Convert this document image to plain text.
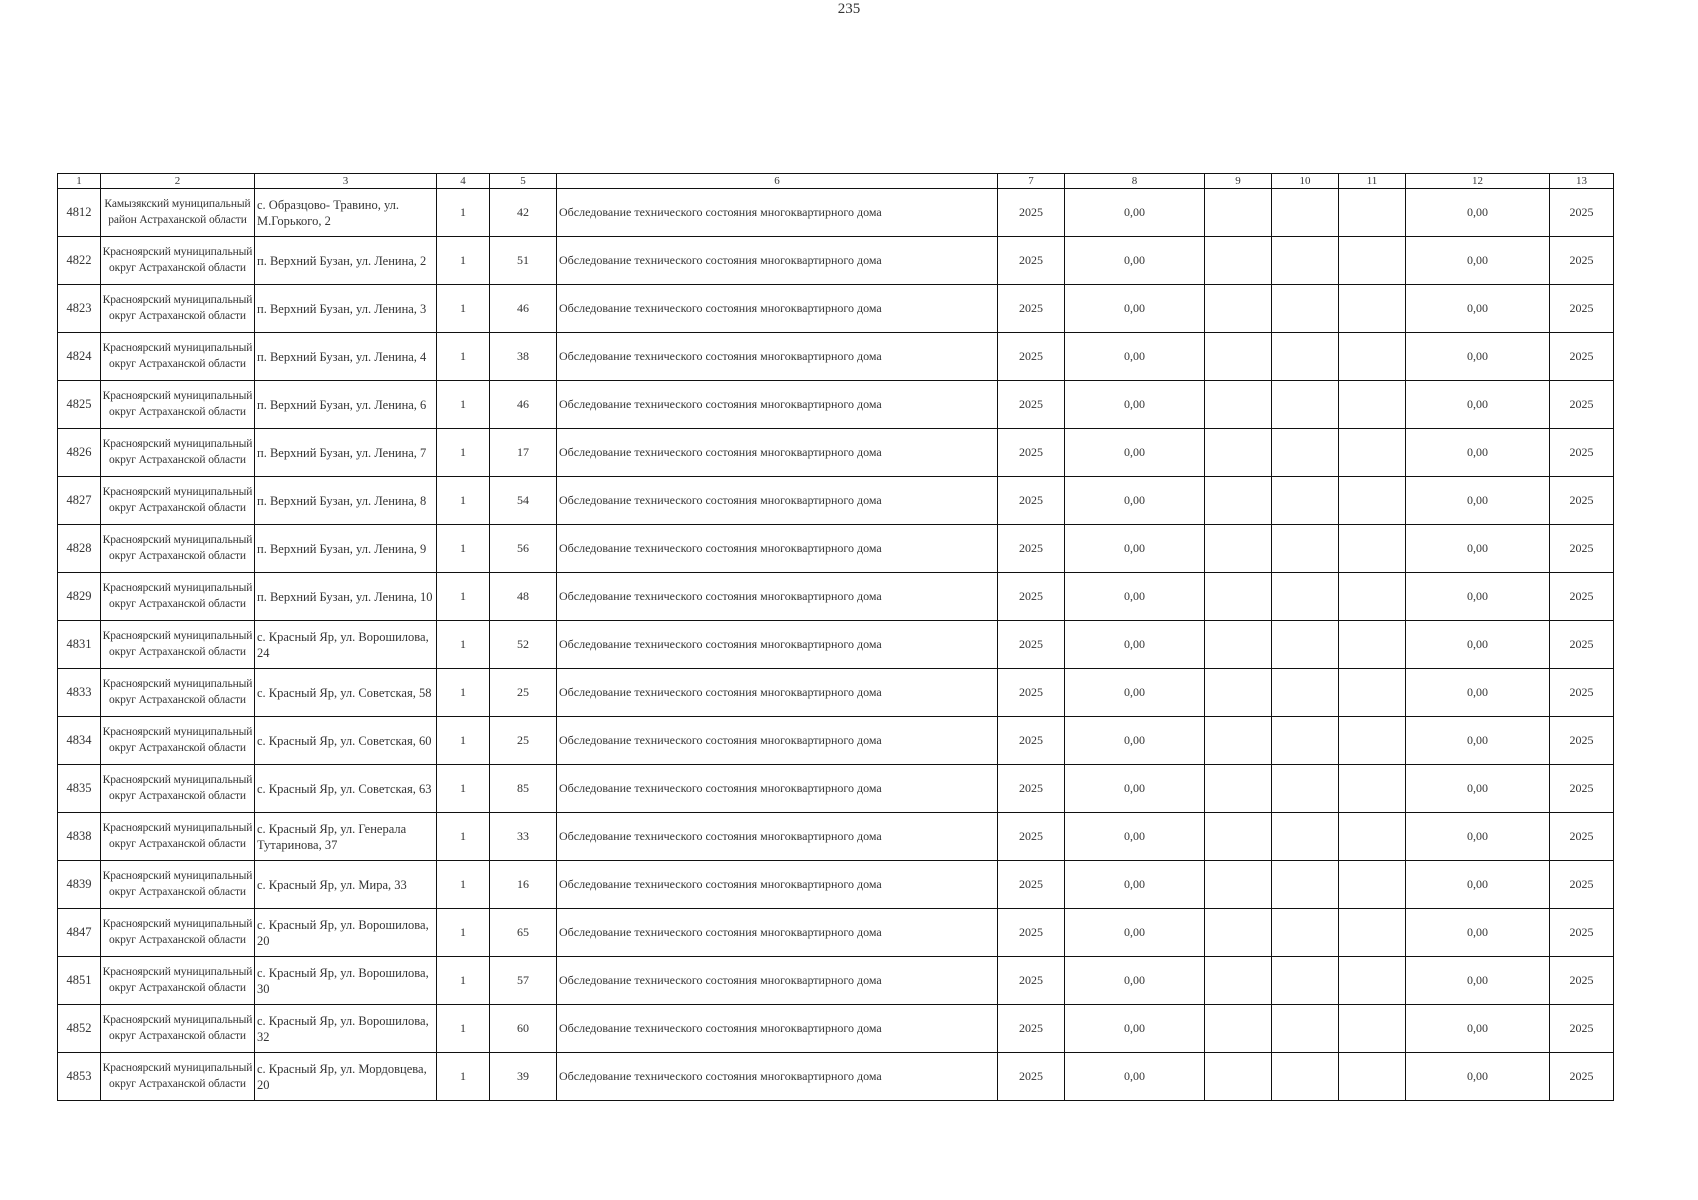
235
1	2	3	4	5	6	7	8	9	10	11	12	13
4812	Камызякский муниципальный район Астраханской области	с. Образцово- Травино, ул. М.Горького, 2	1	42	Обследование технического состояния многоквартирного дома	2025	0,00				0,00	2025
4822	Красноярский муниципальный округ Астраханской области	п. Верхний Бузан, ул. Ленина, 2	1	51	Обследование технического состояния многоквартирного дома	2025	0,00				0,00	2025
4823	Красноярский муниципальный округ Астраханской области	п. Верхний Бузан, ул. Ленина, 3	1	46	Обследование технического состояния многоквартирного дома	2025	0,00				0,00	2025
4824	Красноярский муниципальный округ Астраханской области	п. Верхний Бузан, ул. Ленина, 4	1	38	Обследование технического состояния многоквартирного дома	2025	0,00				0,00	2025
4825	Красноярский муниципальный округ Астраханской области	п. Верхний Бузан, ул. Ленина, 6	1	46	Обследование технического состояния многоквартирного дома	2025	0,00				0,00	2025
4826	Красноярский муниципальный округ Астраханской области	п. Верхний Бузан, ул. Ленина, 7	1	17	Обследование технического состояния многоквартирного дома	2025	0,00				0,00	2025
4827	Красноярский муниципальный округ Астраханской области	п. Верхний Бузан, ул. Ленина, 8	1	54	Обследование технического состояния многоквартирного дома	2025	0,00				0,00	2025
4828	Красноярский муниципальный округ Астраханской области	п. Верхний Бузан, ул. Ленина, 9	1	56	Обследование технического состояния многоквартирного дома	2025	0,00				0,00	2025
4829	Красноярский муниципальный округ Астраханской области	п. Верхний Бузан, ул. Ленина, 10	1	48	Обследование технического состояния многоквартирного дома	2025	0,00				0,00	2025
4831	Красноярский муниципальный округ Астраханской области	с. Красный Яр, ул. Ворошилова, 24	1	52	Обследование технического состояния многоквартирного дома	2025	0,00				0,00	2025
4833	Красноярский муниципальный округ Астраханской области	с. Красный Яр, ул. Советская, 58	1	25	Обследование технического состояния многоквартирного дома	2025	0,00				0,00	2025
4834	Красноярский муниципальный округ Астраханской области	с. Красный Яр, ул. Советская, 60	1	25	Обследование технического состояния многоквартирного дома	2025	0,00				0,00	2025
4835	Красноярский муниципальный округ Астраханской области	с. Красный Яр, ул. Советская, 63	1	85	Обследование технического состояния многоквартирного дома	2025	0,00				0,00	2025
4838	Красноярский муниципальный округ Астраханской области	с. Красный Яр, ул. Генерала Тутаринова, 37	1	33	Обследование технического состояния многоквартирного дома	2025	0,00				0,00	2025
4839	Красноярский муниципальный округ Астраханской области	с. Красный Яр, ул. Мира, 33	1	16	Обследование технического состояния многоквартирного дома	2025	0,00				0,00	2025
4847	Красноярский муниципальный округ Астраханской области	с. Красный Яр, ул. Ворошилова, 20	1	65	Обследование технического состояния многоквартирного дома	2025	0,00				0,00	2025
4851	Красноярский муниципальный округ Астраханской области	с. Красный Яр, ул. Ворошилова, 30	1	57	Обследование технического состояния многоквартирного дома	2025	0,00				0,00	2025
4852	Красноярский муниципальный округ Астраханской области	с. Красный Яр, ул. Ворошилова, 32	1	60	Обследование технического состояния многоквартирного дома	2025	0,00				0,00	2025
4853	Красноярский муниципальный округ Астраханской области	с. Красный Яр, ул. Мордовцева, 20	1	39	Обследование технического состояния многоквартирного дома	2025	0,00				0,00	2025
